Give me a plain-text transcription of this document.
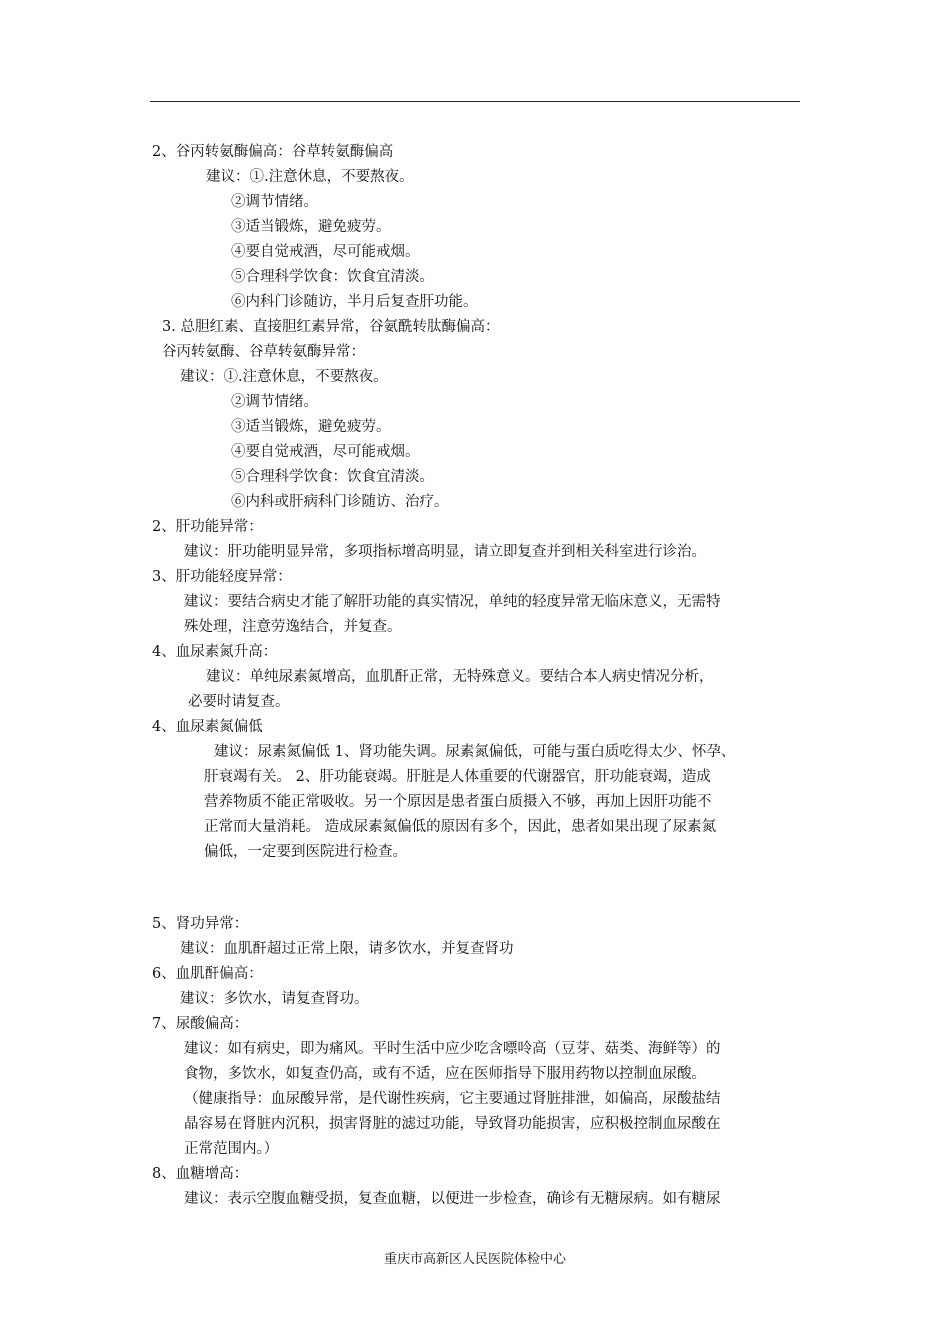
2、谷丙转氨酶偏高：谷草转氨酶偏高
建议：①.注意休息，不要熬夜。
②调节情绪。
③适当锻炼，避免疲劳。
④要自觉戒酒，尽可能戒烟。
⑤合理科学饮食：饮食宜清淡。
⑥内科门诊随访，半月后复查肝功能。
3. 总胆红素、直接胆红素异常，谷氨酰转肽酶偏高：
谷丙转氨酶、谷草转氨酶异常：
建议：①.注意休息，不要熬夜。
②调节情绪。
③适当锻炼，避免疲劳。
④要自觉戒酒，尽可能戒烟。
⑤合理科学饮食：饮食宜清淡。
⑥内科或肝病科门诊随访、治疗。
2、肝功能异常：
建议：肝功能明显异常，多项指标增高明显，请立即复查并到相关科室进行诊治。
3、肝功能轻度异常：
建议：要结合病史才能了解肝功能的真实情况，单纯的轻度异常无临床意义，无需特
殊处理，注意劳逸结合，并复查。
4、血尿素氮升高：
建议：单纯尿素氮增高，血肌酐正常，无特殊意义。要结合本人病史情况分析，
必要时请复查。
4、血尿素氮偏低
建议：尿素氮偏低 1、肾功能失调。尿素氮偏低，可能与蛋白质吃得太少、怀孕、
肝衰竭有关。 2、肝功能衰竭。肝脏是人体重要的代谢器官，肝功能衰竭，造成
营养物质不能正常吸收。另一个原因是患者蛋白质摄入不够，再加上因肝功能不
正常而大量消耗。 造成尿素氮偏低的原因有多个，因此，患者如果出现了尿素氮
偏低，一定要到医院进行检查。
5、肾功异常：
建议：血肌酐超过正常上限，请多饮水，并复查肾功
6、血肌酐偏高：
建议：多饮水，请复查肾功。
7、尿酸偏高：
建议：如有病史，即为痛风。平时生活中应少吃含嘌呤高（豆芽、菇类、海鲜等）的
食物，多饮水，如复查仍高，或有不适，应在医师指导下服用药物以控制血尿酸。
（健康指导：血尿酸异常，是代谢性疾病，它主要通过肾脏排泄，如偏高，尿酸盐结
晶容易在肾脏内沉积，损害肾脏的滤过功能，导致肾功能损害，应积极控制血尿酸在
正常范围内。）
8、血糖增高：
建议：表示空腹血糖受损，复查血糖，以便进一步检查，确诊有无糖尿病。如有糖尿
重庆市高新区人民医院体检中心
